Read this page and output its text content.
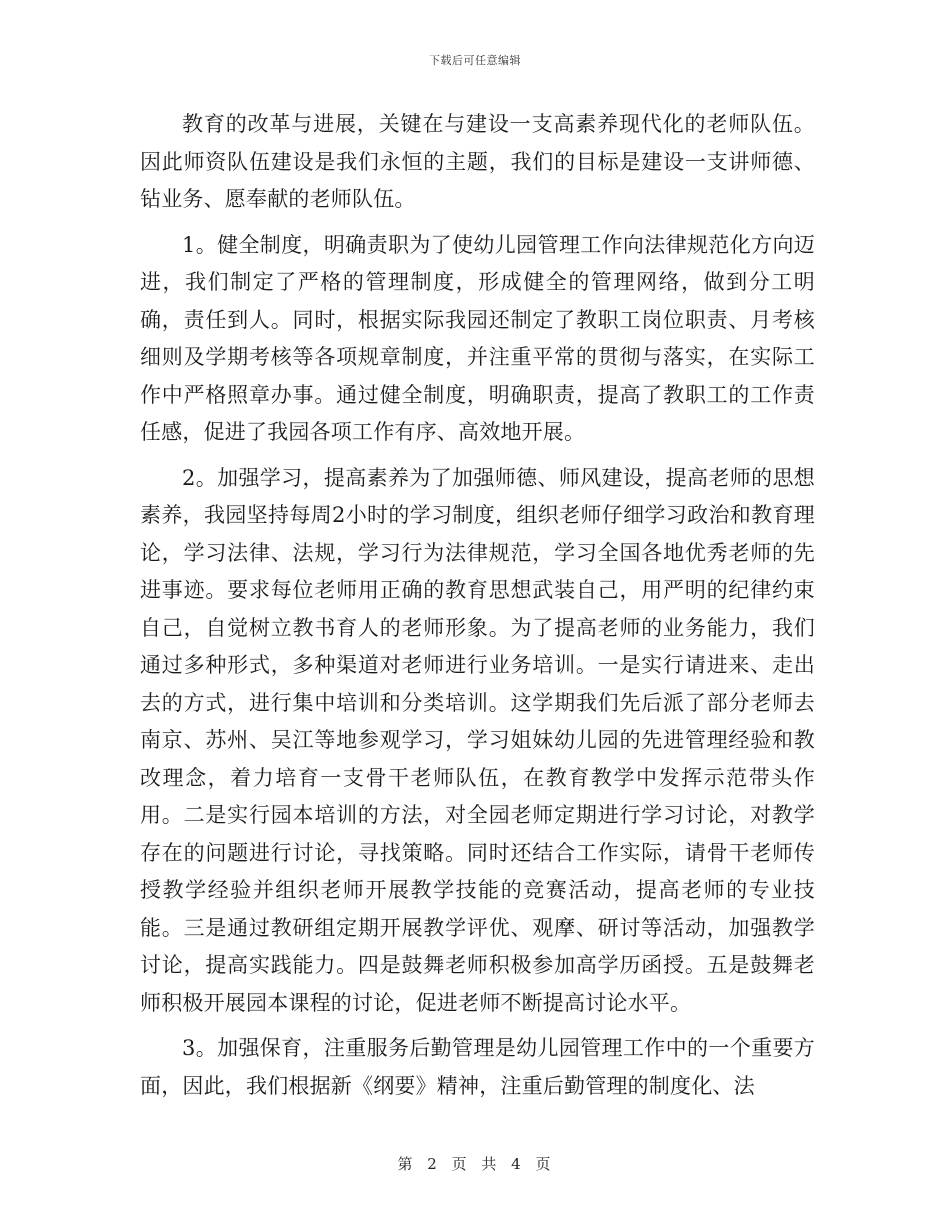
下载后可任意编辑

教育的改革与进展，关键在与建设一支高素养现代化的老师队伍。因此师资队伍建设是我们永恒的主题，我们的目标是建设一支讲师德、钻业务、愿奉献的老师队伍。

1。健全制度，明确责职为了使幼儿园管理工作向法律规范化方向迈进，我们制定了严格的管理制度，形成健全的管理网络，做到分工明确，责任到人。同时，根据实际我园还制定了教职工岗位职责、月考核细则及学期考核等各项规章制度，并注重平常的贯彻与落实，在实际工作中严格照章办事。通过健全制度，明确职责，提高了教职工的工作责任感，促进了我园各项工作有序、高效地开展。

2。加强学习，提高素养为了加强师德、师风建设，提高老师的思想素养，我园坚持每周2小时的学习制度，组织老师仔细学习政治和教育理论，学习法律、法规，学习行为法律规范，学习全国各地优秀老师的先进事迹。要求每位老师用正确的教育思想武装自己，用严明的纪律约束自己，自觉树立教书育人的老师形象。为了提高老师的业务能力，我们通过多种形式，多种渠道对老师进行业务培训。一是实行请进来、走出去的方式，进行集中培训和分类培训。这学期我们先后派了部分老师去南京、苏州、吴江等地参观学习，学习姐妹幼儿园的先进管理经验和教改理念，着力培育一支骨干老师队伍，在教育教学中发挥示范带头作用。二是实行园本培训的方法，对全园老师定期进行学习讨论，对教学存在的问题进行讨论，寻找策略。同时还结合工作实际，请骨干老师传授教学经验并组织老师开展教学技能的竞赛活动，提高老师的专业技能。三是通过教研组定期开展教学评优、观摩、研讨等活动，加强教学讨论，提高实践能力。四是鼓舞老师积极参加高学历函授。五是鼓舞老师积极开展园本课程的讨论，促进老师不断提高讨论水平。

3。加强保育，注重服务后勤管理是幼儿园管理工作中的一个重要方面，因此，我们根据新《纲要》精神，注重后勤管理的制度化、法

第 2 页 共 4 页
